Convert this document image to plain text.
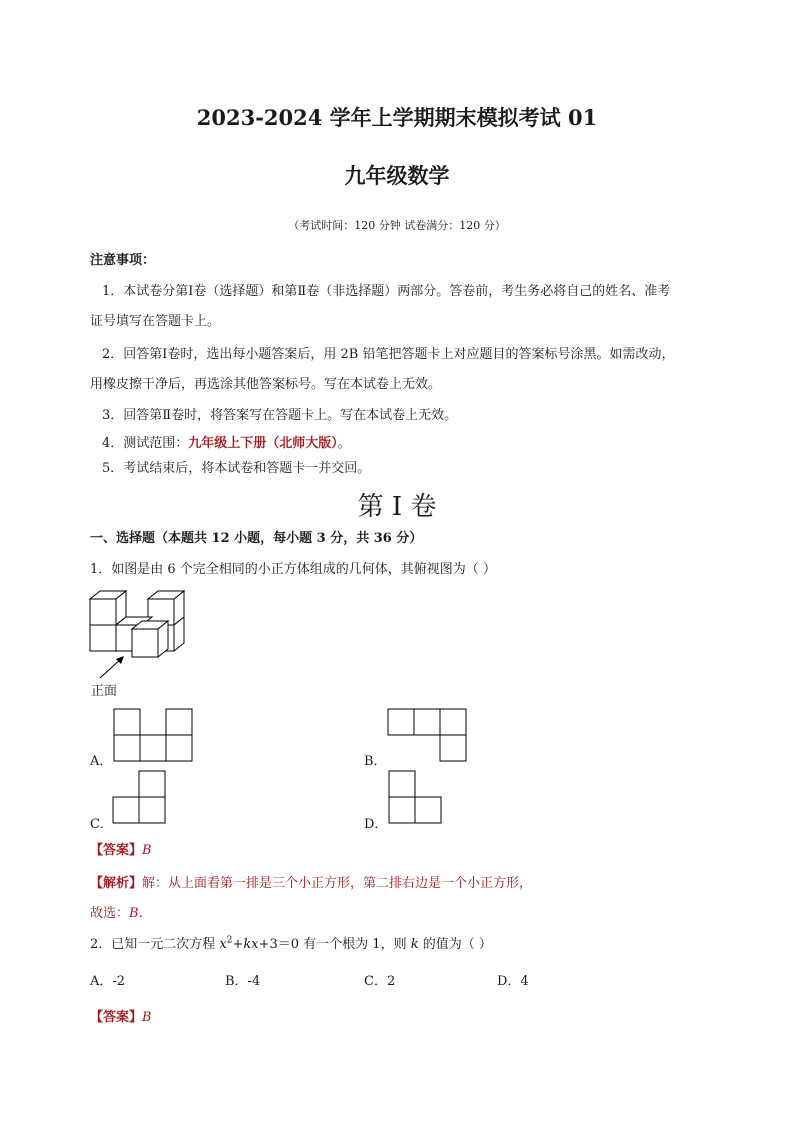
2023-2024 学年上学期期末模拟考试 01
九年级数学
（考试时间：120 分钟 试卷满分：120 分）
注意事项：
1．本试卷分第Ⅰ卷（选择题）和第Ⅱ卷（非选择题）两部分。答卷前，考生务必将自己的姓名、准考
证号填写在答题卡上。
2．回答第Ⅰ卷时，选出每小题答案后，用 2B 铅笔把答题卡上对应题目的答案标号涂黑。如需改动，
用橡皮擦干净后，再选涂其他答案标号。写在本试卷上无效。
3．回答第Ⅱ卷时，将答案写在答题卡上。写在本试卷上无效。
4．测试范围：九年级上下册（北师大版）。
5．考试结束后，将本试卷和答题卡一并交回。
第 I 卷
一、选择题（本题共 12 小题，每小题 3 分，共 36 分）
1．如图是由 6 个完全相同的小正方体组成的几何体，其俯视图为（ ）
正面
A．	B．
C．	D．
【答案】B
【解析】解：从上面看第一排是三个小正方形，第二排右边是一个小正方形，
故选：B．
2．已知一元二次方程 $x^2+kx+3=0$ 有一个根为 1，则 k 的值为（ ）
A．-2	B．-4	C．2	D．4
【答案】B
